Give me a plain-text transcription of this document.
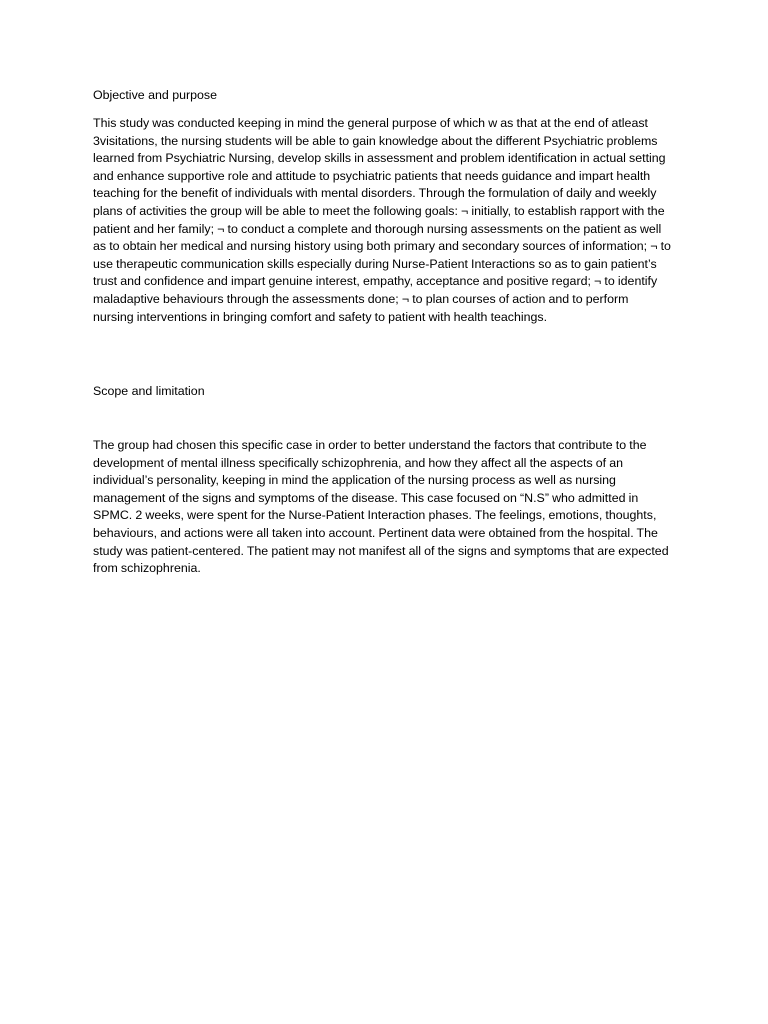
Objective and purpose

This study was conducted keeping in mind the general purpose of which w as that at the end of atleast 3visitations, the nursing students will be able to gain knowledge about the different Psychiatric problems learned from Psychiatric Nursing, develop skills in assessment and problem identification in actual setting and enhance supportive role and attitude to psychiatric patients that needs guidance and impart health teaching for the benefit of individuals with mental disorders. Through the formulation of daily and weekly plans of activities the group will be able to meet the following goals: ¬ initially, to establish rapport with the patient and her family; ¬ to conduct a complete and thorough nursing assessments on the patient as well as to obtain her medical and nursing history using both primary and secondary sources of information; ¬ to use therapeutic communication skills especially during Nurse-Patient Interactions so as to gain patient’s trust and confidence and impart genuine interest, empathy, acceptance and positive regard; ¬ to identify maladaptive behaviours through the assessments done; ¬ to plan courses of action and to perform nursing interventions in bringing comfort and safety to patient with health teachings.

Scope and limitation

The group had chosen this specific case in order to better understand the factors that contribute to the development of mental illness specifically schizophrenia, and how they affect all the aspects of an individual’s personality, keeping in mind the application of the nursing process as well as nursing management of the signs and symptoms of the disease. This case focused on “N.S” who admitted in SPMC. 2 weeks, were spent for the Nurse-Patient Interaction phases. The feelings, emotions, thoughts, behaviours, and actions were all taken into account. Pertinent data were obtained from the hospital. The study was patient-centered. The patient may not manifest all of the signs and symptoms that are expected from schizophrenia.
